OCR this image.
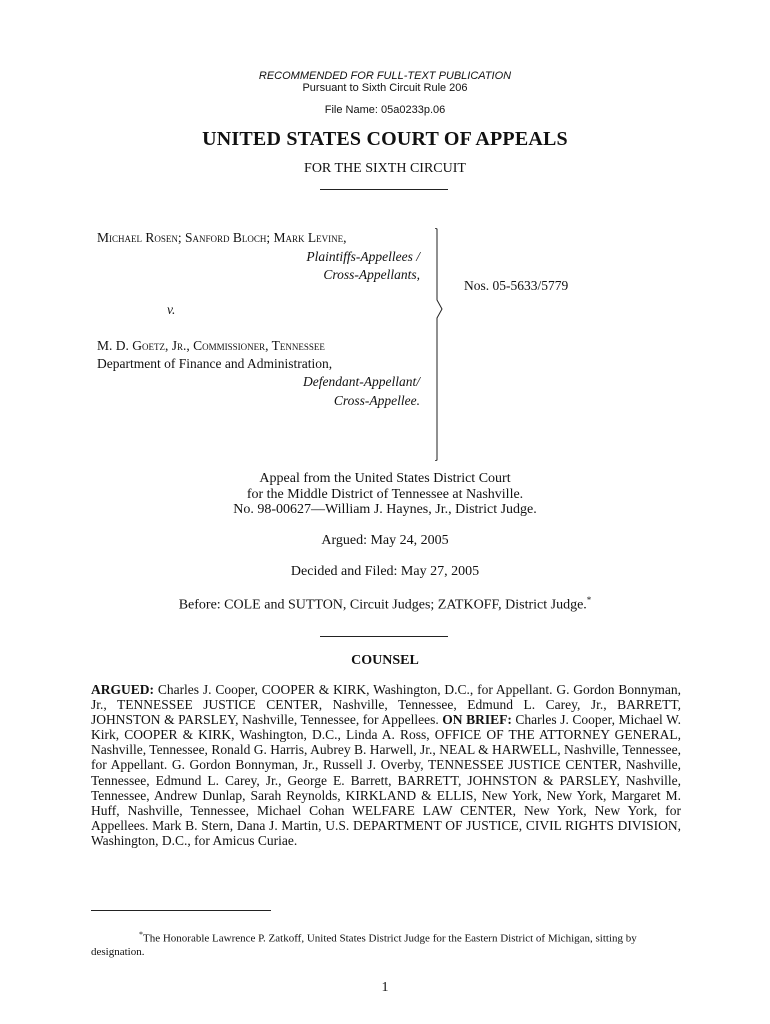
RECOMMENDED FOR FULL-TEXT PUBLICATION
Pursuant to Sixth Circuit Rule 206
File Name: 05a0233p.06
UNITED STATES COURT OF APPEALS
FOR THE SIXTH CIRCUIT
Michael Rosen; Sanford Bloch; Mark Levine,
Plaintiffs-Appellees /
Cross-Appellants,
Nos. 05-5633/5779
v.
M. D. Goetz, Jr., Commissioner, Tennessee
Department of Finance and Administration,
Defendant-Appellant/
Cross-Appellee.
Appeal from the United States District Court
for the Middle District of Tennessee at Nashville.
No. 98-00627—William J. Haynes, Jr., District Judge.
Argued: May 24, 2005
Decided and Filed: May 27, 2005
Before: COLE and SUTTON, Circuit Judges; ZATKOFF, District Judge.*
COUNSEL
ARGUED: Charles J. Cooper, COOPER & KIRK, Washington, D.C., for Appellant. G. Gordon Bonnyman, Jr., TENNESSEE JUSTICE CENTER, Nashville, Tennessee, Edmund L. Carey, Jr., BARRETT, JOHNSTON & PARSLEY, Nashville, Tennessee, for Appellees. ON BRIEF: Charles J. Cooper, Michael W. Kirk, COOPER & KIRK, Washington, D.C., Linda A. Ross, OFFICE OF THE ATTORNEY GENERAL, Nashville, Tennessee, Ronald G. Harris, Aubrey B. Harwell, Jr., NEAL & HARWELL, Nashville, Tennessee, for Appellant. G. Gordon Bonnyman, Jr., Russell J. Overby, TENNESSEE JUSTICE CENTER, Nashville, Tennessee, Edmund L. Carey, Jr., George E. Barrett, BARRETT, JOHNSTON & PARSLEY, Nashville, Tennessee, Andrew Dunlap, Sarah Reynolds, KIRKLAND & ELLIS, New York, New York, Margaret M. Huff, Nashville, Tennessee, Michael Cohan WELFARE LAW CENTER, New York, New York, for Appellees. Mark B. Stern, Dana J. Martin, U.S. DEPARTMENT OF JUSTICE, CIVIL RIGHTS DIVISION, Washington, D.C., for Amicus Curiae.
*The Honorable Lawrence P. Zatkoff, United States District Judge for the Eastern District of Michigan, sitting by designation.
1
